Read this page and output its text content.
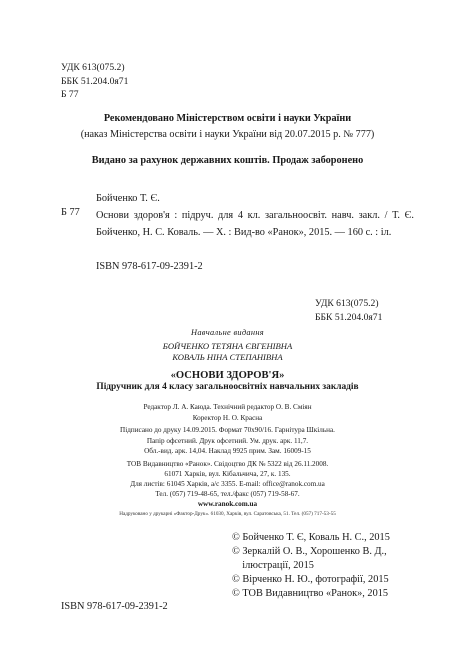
УДК 613(075.2)
ББК 51.204.0я71
Б 77
Рекомендовано Міністерством освіти і науки України
(наказ Міністерства освіти і науки України від 20.07.2015 р. № 777)
Видано за рахунок державних коштів. Продаж заборонено
Б 77
Бойченко Т. Є.
Основи здоров'я : підруч. для 4 кл. загальноосвіт. навч. закл. / Т. Є. Бойченко, Н. С. Коваль. — Х. : Вид-во «Ранок», 2015. — 160 с. : іл.
ISBN 978-617-09-2391-2
УДК 613(075.2)
ББК 51.204.0я71
Навчальне видання
БОЙЧЕНКО ТЕТЯНА ЄВГЕНІВНА
КОВАЛЬ НІНА СТЕПАНІВНА
«ОСНОВИ ЗДОРОВ'Я»
Підручник для 4 класу загальноосвітніх навчальних закладів
Редактор Л. А. Каюда. Технічний редактор О. В. Сміян
Коректор Н. О. Красна
Підписано до друку 14.09.2015. Формат 70x90/16. Гарнітура Шкільна.
Папір офсетний. Друк офсетний. Ум. друк. арк. 11,7.
Обл.-вид. арк. 14,04. Наклад 9925 прим. Зам. 16009-15
ТОВ Видавництво «Ранок». Свідоцтво ДК № 5322 від 26.11.2008.
61071 Харків, вул. Кібальчича, 27, к. 135.
Для листів: 61045 Харків, а/с 3355. E-mail: office@ranok.com.ua
Тел. (057) 719-48-65, тел./факс (057) 719-58-67.
www.ranok.com.ua
Надруковано у друкарні «Фактор-Друк». 61030, Харків, вул. Саратовська, 51. Тел. (057) 717-53-55
© Бойченко Т. Є, Коваль Н. С., 2015
© Зеркалій О. В., Хорошенко В. Д.,
ілюстрації, 2015
© Вірченко Н. Ю., фотографії, 2015
© ТОВ Видавництво «Ранок», 2015
ISBN 978-617-09-2391-2
